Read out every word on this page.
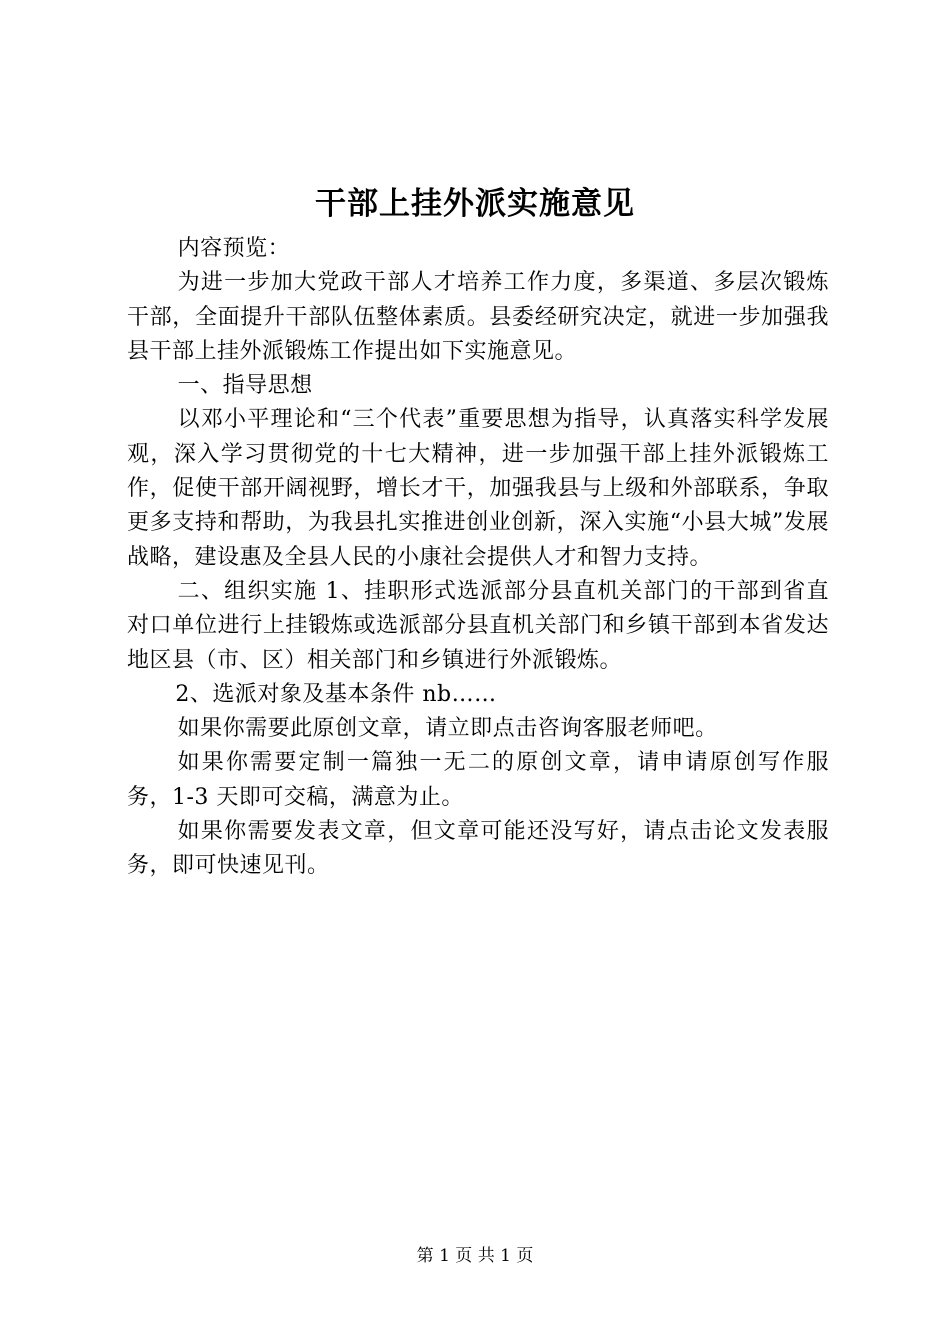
干部上挂外派实施意见

内容预览：

为进一步加大党政干部人才培养工作力度，多渠道、多层次锻炼干部，全面提升干部队伍整体素质。县委经研究决定，就进一步加强我县干部上挂外派锻炼工作提出如下实施意见。

一、指导思想

以邓小平理论和“三个代表”重要思想为指导，认真落实科学发展观，深入学习贯彻党的十七大精神，进一步加强干部上挂外派锻炼工作，促使干部开阔视野，增长才干，加强我县与上级和外部联系，争取更多支持和帮助，为我县扎实推进创业创新，深入实施“小县大城”发展战略，建设惠及全县人民的小康社会提供人才和智力支持。

二、组织实施 1、挂职形式选派部分县直机关部门的干部到省直对口单位进行上挂锻炼或选派部分县直机关部门和乡镇干部到本省发达地区县（市、区）相关部门和乡镇进行外派锻炼。

2、选派对象及基本条件 nb……

如果你需要此原创文章，请立即点击咨询客服老师吧。

如果你需要定制一篇独一无二的原创文章，请申请原创写作服务，1-3 天即可交稿，满意为止。

如果你需要发表文章，但文章可能还没写好，请点击论文发表服务，即可快速见刊。

第 1 页 共 1 页
